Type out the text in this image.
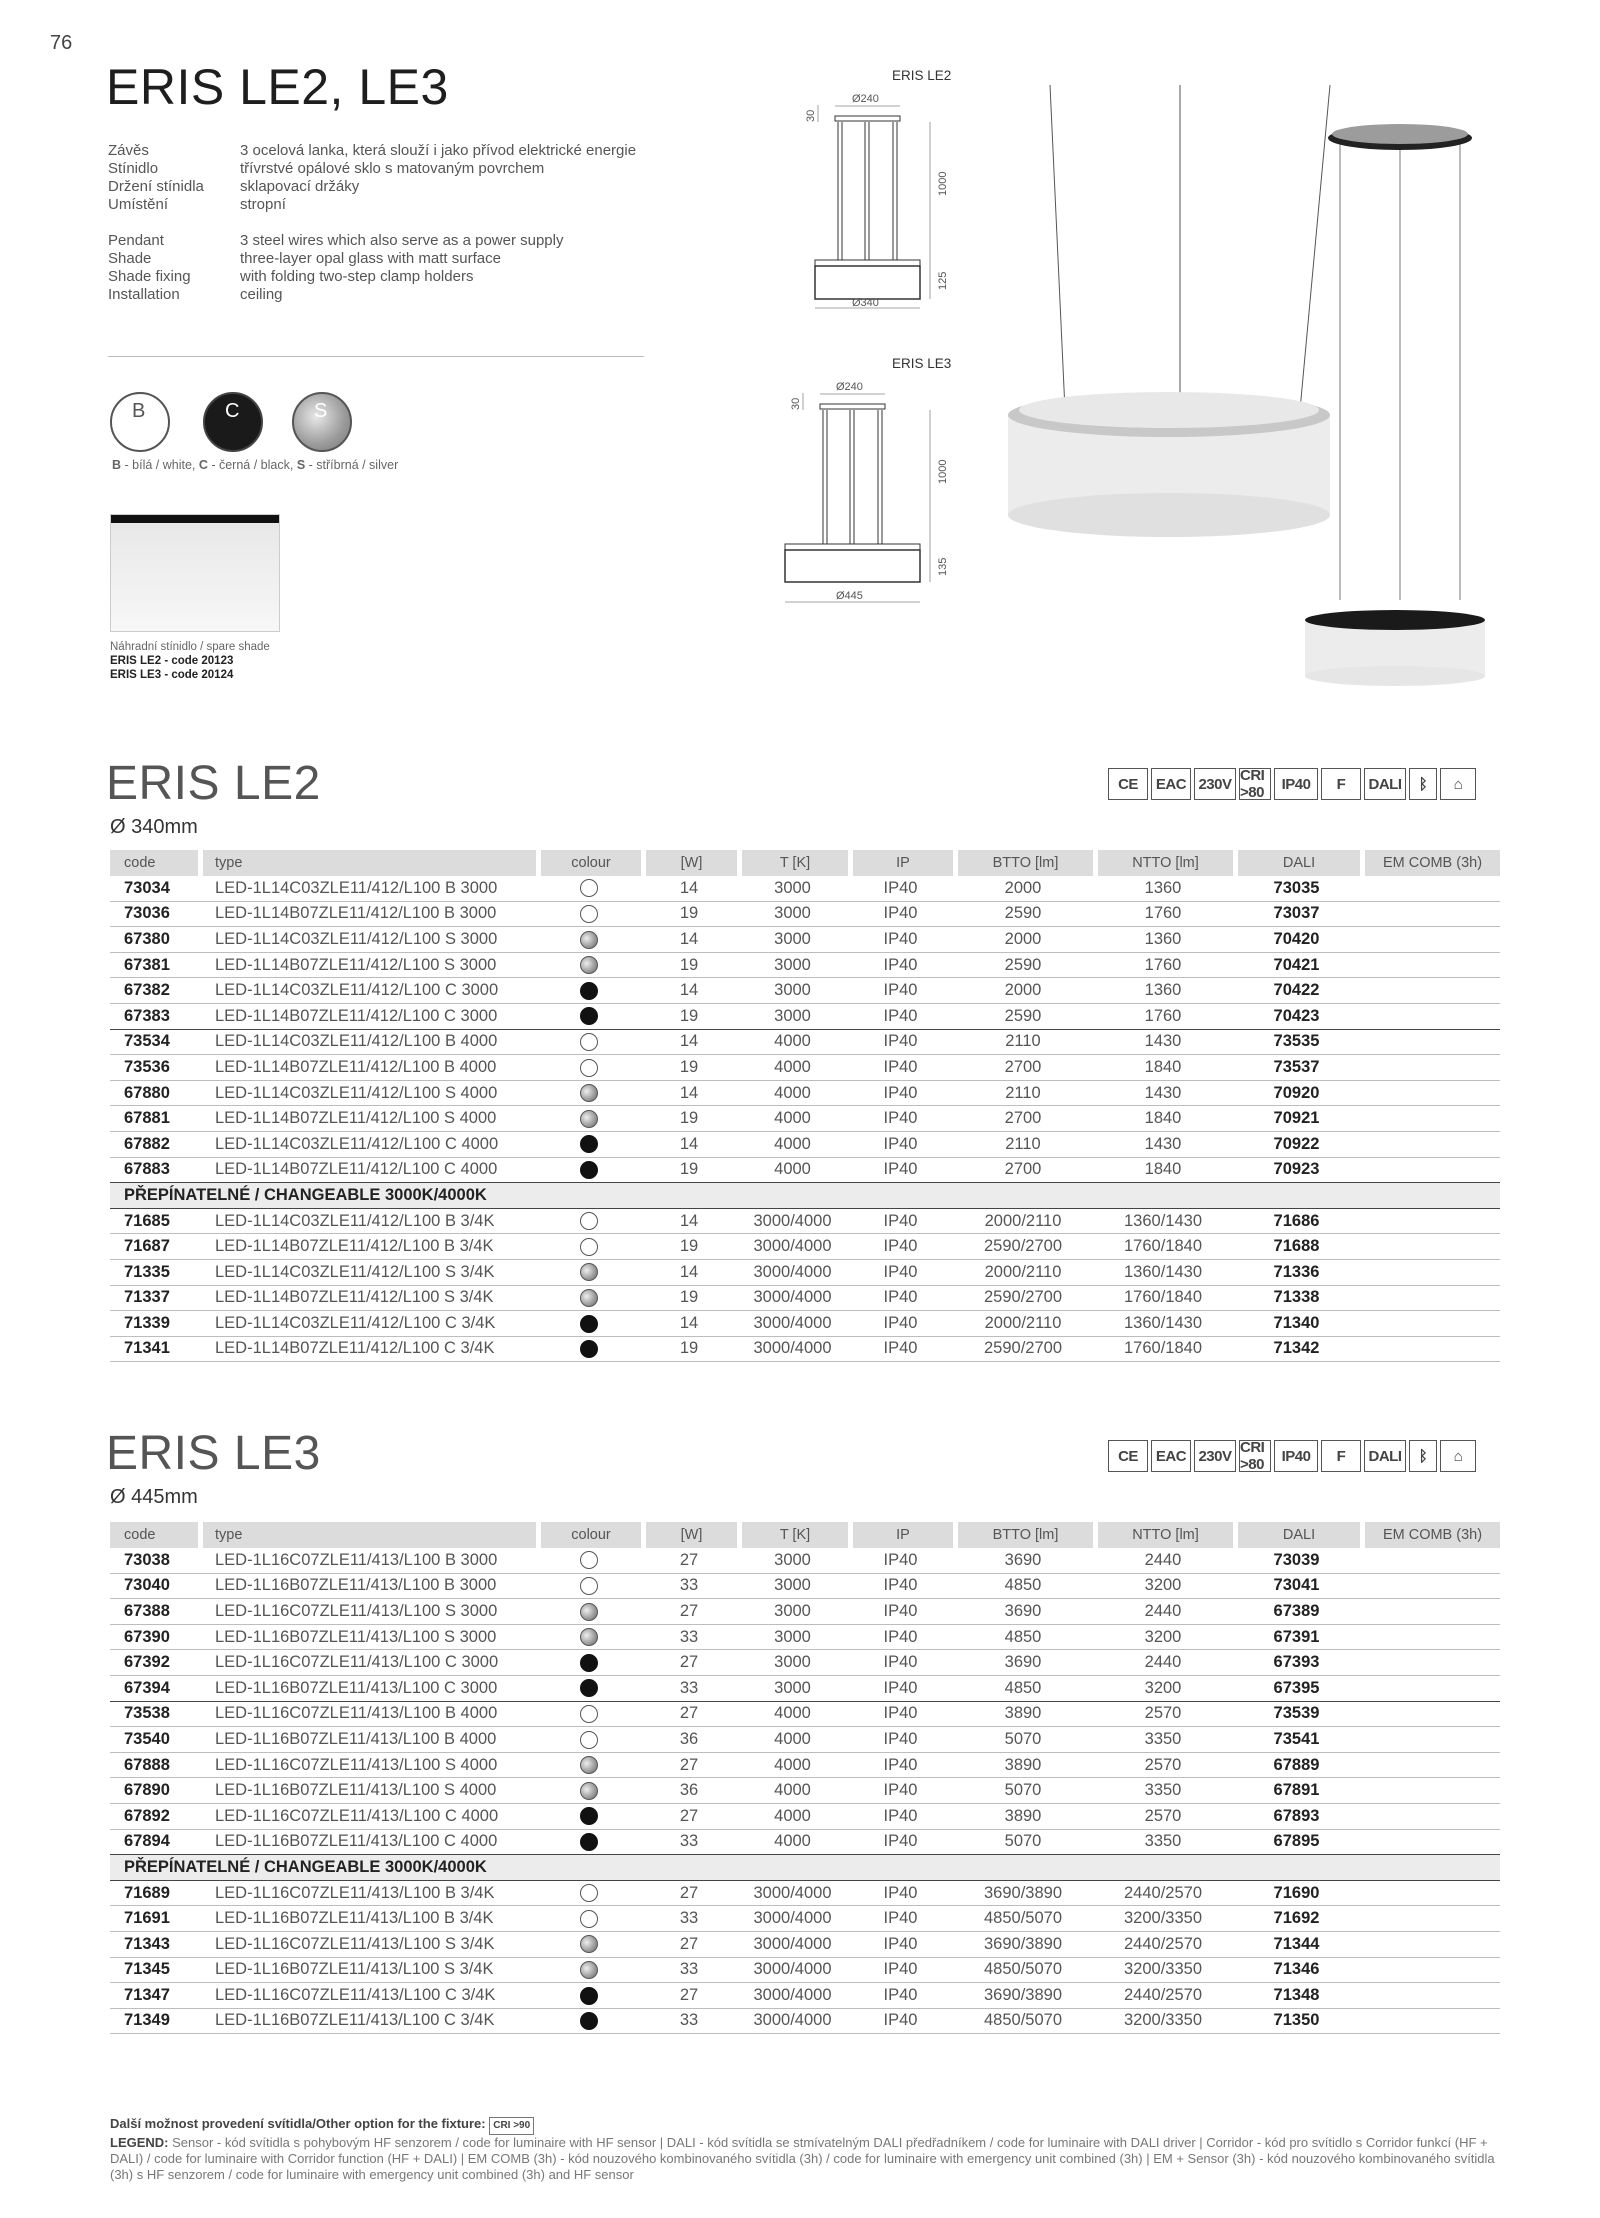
76
ERIS LE2, LE3
Závěs	3 ocelová lanka, která slouží i jako přívod elektrické energie
Stínidlo	třívrstvé opálové sklo s matovaným povrchem
Držení stínidla	sklapovací držáky
Umístění	stropní
Pendant	3 steel wires which also serve as a power supply
Shade	three-layer opal glass with matt surface
Shade fixing	with folding two-step clamp holders
Installation	ceiling
B	C	S
B - bílá / white, C - černá / black, S - stříbrná / silver
Náhradní stínidlo / spare shade
ERIS LE2 - code 20123
ERIS LE3 - code 20124
ERIS LE2
Ø240
Ø340
1000
125
30
ERIS LE3
Ø240
Ø445
1000
135
30
ERIS LE2
Ø 340mm
CE	EAC 230V CRI >80	IP40	F	DALI	ᛒ	⌂
code	type	colour	[W]	T [K]	IP	BTTO [lm]	NTTO [lm]	DALI	EM COMB (3h)
73034	LED-1L14C03ZLE11/412/L100 B 3000		14	3000	IP40	2000	1360	73035	
73036	LED-1L14B07ZLE11/412/L100 B 3000		19	3000	IP40	2590	1760	73037	
67380	LED-1L14C03ZLE11/412/L100 S 3000		14	3000	IP40	2000	1360	70420	
67381	LED-1L14B07ZLE11/412/L100 S 3000		19	3000	IP40	2590	1760	70421	
67382	LED-1L14C03ZLE11/412/L100 C 3000		14	3000	IP40	2000	1360	70422	
67383	LED-1L14B07ZLE11/412/L100 C 3000		19	3000	IP40	2590	1760	70423	
73534	LED-1L14C03ZLE11/412/L100 B 4000		14	4000	IP40	2110	1430	73535	
73536	LED-1L14B07ZLE11/412/L100 B 4000		19	4000	IP40	2700	1840	73537	
67880	LED-1L14C03ZLE11/412/L100 S 4000		14	4000	IP40	2110	1430	70920	
67881	LED-1L14B07ZLE11/412/L100 S 4000		19	4000	IP40	2700	1840	70921	
67882	LED-1L14C03ZLE11/412/L100 C 4000		14	4000	IP40	2110	1430	70922	
67883	LED-1L14B07ZLE11/412/L100 C 4000		19	4000	IP40	2700	1840	70923	
PŘEPÍNATELNÉ / CHANGEABLE 3000K/4000K									
71685	LED-1L14C03ZLE11/412/L100 B 3/4K		14	3000/4000	IP40	2000/2110	1360/1430	71686	
71687	LED-1L14B07ZLE11/412/L100 B 3/4K		19	3000/4000	IP40	2590/2700	1760/1840	71688	
71335	LED-1L14C03ZLE11/412/L100 S 3/4K		14	3000/4000	IP40	2000/2110	1360/1430	71336	
71337	LED-1L14B07ZLE11/412/L100 S 3/4K		19	3000/4000	IP40	2590/2700	1760/1840	71338	
71339	LED-1L14C03ZLE11/412/L100 C 3/4K		14	3000/4000	IP40	2000/2110	1360/1430	71340	
71341	LED-1L14B07ZLE11/412/L100 C 3/4K		19	3000/4000	IP40	2590/2700	1760/1840	71342	
ERIS LE3
Ø 445mm
CE	EAC 230V CRI >80	IP40	F	DALI	ᛒ	⌂
code	type	colour	[W]	T [K]	IP	BTTO [lm]	NTTO [lm]	DALI	EM COMB (3h)
73038	LED-1L16C07ZLE11/413/L100 B 3000		27	3000	IP40	3690	2440	73039	
73040	LED-1L16B07ZLE11/413/L100 B 3000		33	3000	IP40	4850	3200	73041	
67388	LED-1L16C07ZLE11/413/L100 S 3000		27	3000	IP40	3690	2440	67389	
67390	LED-1L16B07ZLE11/413/L100 S 3000		33	3000	IP40	4850	3200	67391	
67392	LED-1L16C07ZLE11/413/L100 C 3000		27	3000	IP40	3690	2440	67393	
67394	LED-1L16B07ZLE11/413/L100 C 3000		33	3000	IP40	4850	3200	67395	
73538	LED-1L16C07ZLE11/413/L100 B 4000		27	4000	IP40	3890	2570	73539	
73540	LED-1L16B07ZLE11/413/L100 B 4000		36	4000	IP40	5070	3350	73541	
67888	LED-1L16C07ZLE11/413/L100 S 4000		27	4000	IP40	3890	2570	67889	
67890	LED-1L16B07ZLE11/413/L100 S 4000		36	4000	IP40	5070	3350	67891	
67892	LED-1L16C07ZLE11/413/L100 C 4000		27	4000	IP40	3890	2570	67893	
67894	LED-1L16B07ZLE11/413/L100 C 4000		33	4000	IP40	5070	3350	67895	
PŘEPÍNATELNÉ / CHANGEABLE 3000K/4000K									
71689	LED-1L16C07ZLE11/413/L100 B 3/4K		27	3000/4000	IP40	3690/3890	2440/2570	71690	
71691	LED-1L16B07ZLE11/413/L100 B 3/4K		33	3000/4000	IP40	4850/5070	3200/3350	71692	
71343	LED-1L16C07ZLE11/413/L100 S 3/4K		27	3000/4000	IP40	3690/3890	2440/2570	71344	
71345	LED-1L16B07ZLE11/413/L100 S 3/4K		33	3000/4000	IP40	4850/5070	3200/3350	71346	
71347	LED-1L16C07ZLE11/413/L100 C 3/4K		27	3000/4000	IP40	3690/3890	2440/2570	71348	
71349	LED-1L16B07ZLE11/413/L100 C 3/4K		33	3000/4000	IP40	4850/5070	3200/3350	71350	
Další možnost provedení svítidla/Other option for the fixture: CRI >90
LEGEND: Sensor - kód svítidla s pohybovým HF senzorem / code for luminaire with HF sensor | DALI - kód svítidla se stmívatelným DALI předřadníkem / code for luminaire with DALI driver | Corridor - kód pro svítidlo s Corridor funkcí (HF + DALI) / code for luminaire with Corridor function (HF + DALI) | EM COMB (3h) - kód nouzového kombinovaného svítidla (3h) / code for luminaire with emergency unit combined (3h) | EM + Sensor (3h) - kód nouzového kombinovaného svítidla (3h) s HF senzorem / code for luminaire with emergency unit combined (3h) and HF sensor
